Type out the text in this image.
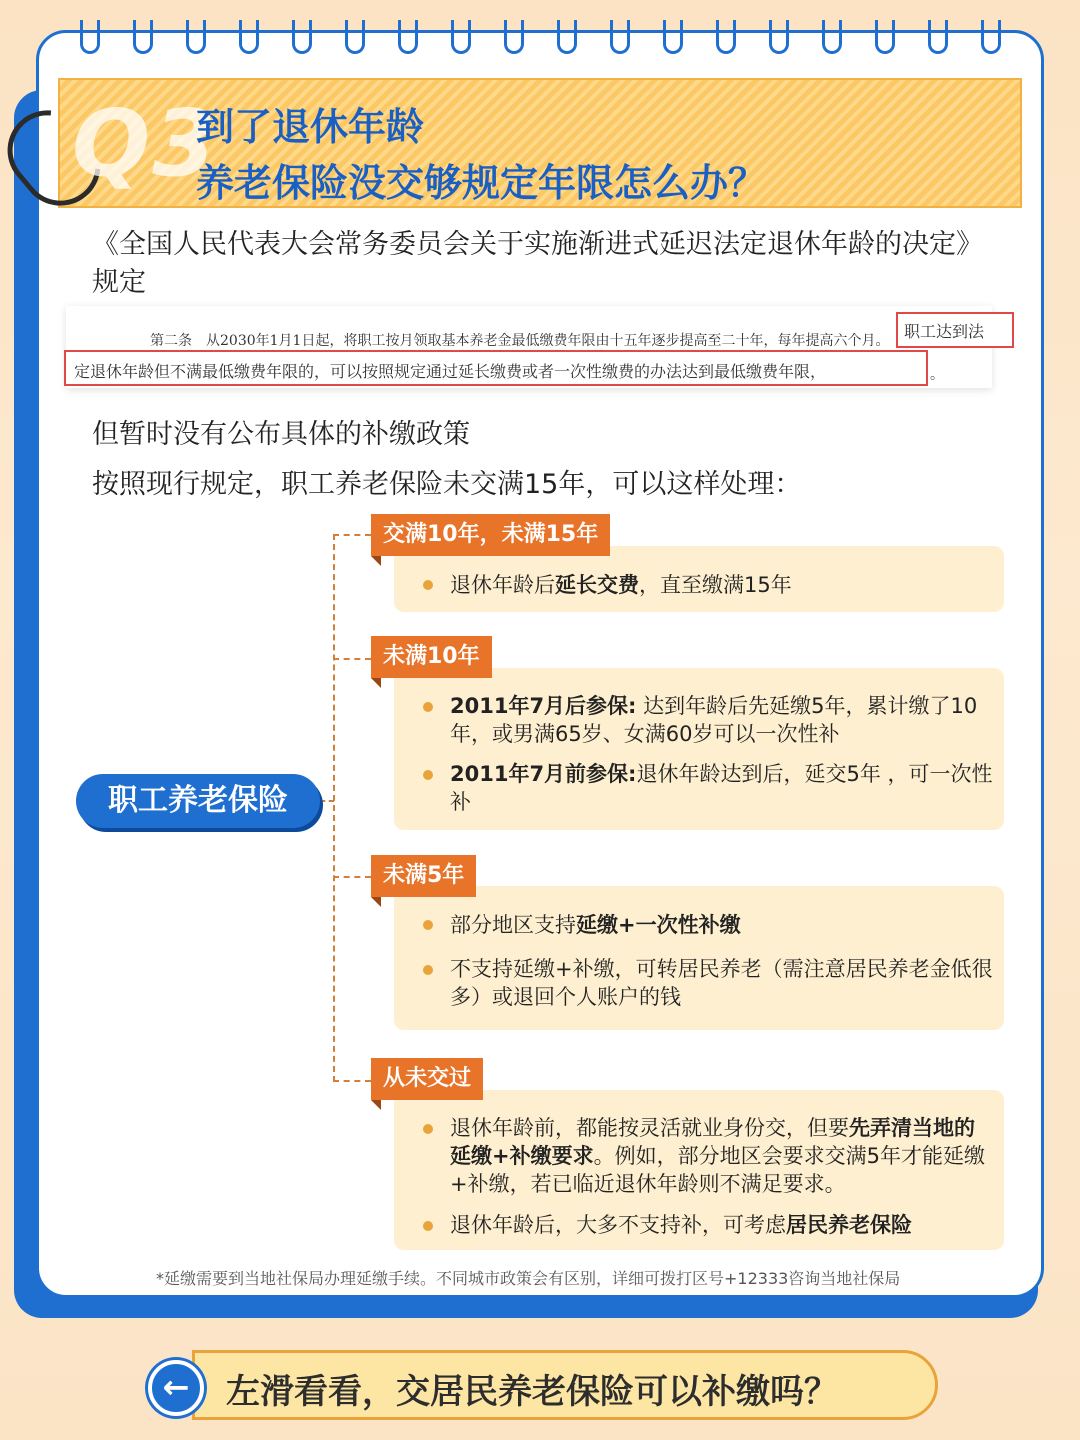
Q3
到了退休年龄
养老保险没交够规定年限怎么办？
《全国人民代表大会常务委员会关于实施渐进式延迟法定退休年龄的决定》规定
第二条　从2030年1月1日起，将职工按月领取基本养老金最低缴费年限由十五年逐步提高至二十年，每年提高六个月。 职工达到法
定退休年龄但不满最低缴费年限的，可以按照规定通过延长缴费或者一次性缴费的办法达到最低缴费年限，	。
但暂时没有公布具体的补缴政策
按照现行规定，职工养老保险未交满15年，可以这样处理：
职工养老保险
交满10年，未满15年
退休年龄后延长交费，直至缴满15年
未满10年
2011年7月后参保: 达到年龄后先延缴5年，累计缴了10年，或男满65岁、女满60岁可以一次性补
2011年7月前参保:退休年龄达到后，延交5年 ，可一次性补
未满5年
部分地区支持延缴+一次性补缴
不支持延缴+补缴，可转居民养老（需注意居民养老金低很多）或退回个人账户的钱
从未交过
退休年龄前，都能按灵活就业身份交，但要先弄清当地的延缴+补缴要求。例如，部分地区会要求交满5年才能延缴+补缴，若已临近退休年龄则不满足要求。
退休年龄后，大多不支持补，可考虑居民养老保险
*延缴需要到当地社保局办理延缴手续。不同城市政策会有区别，详细可拨打区号+12333咨询当地社保局
←	左滑看看，交居民养老保险可以补缴吗？
